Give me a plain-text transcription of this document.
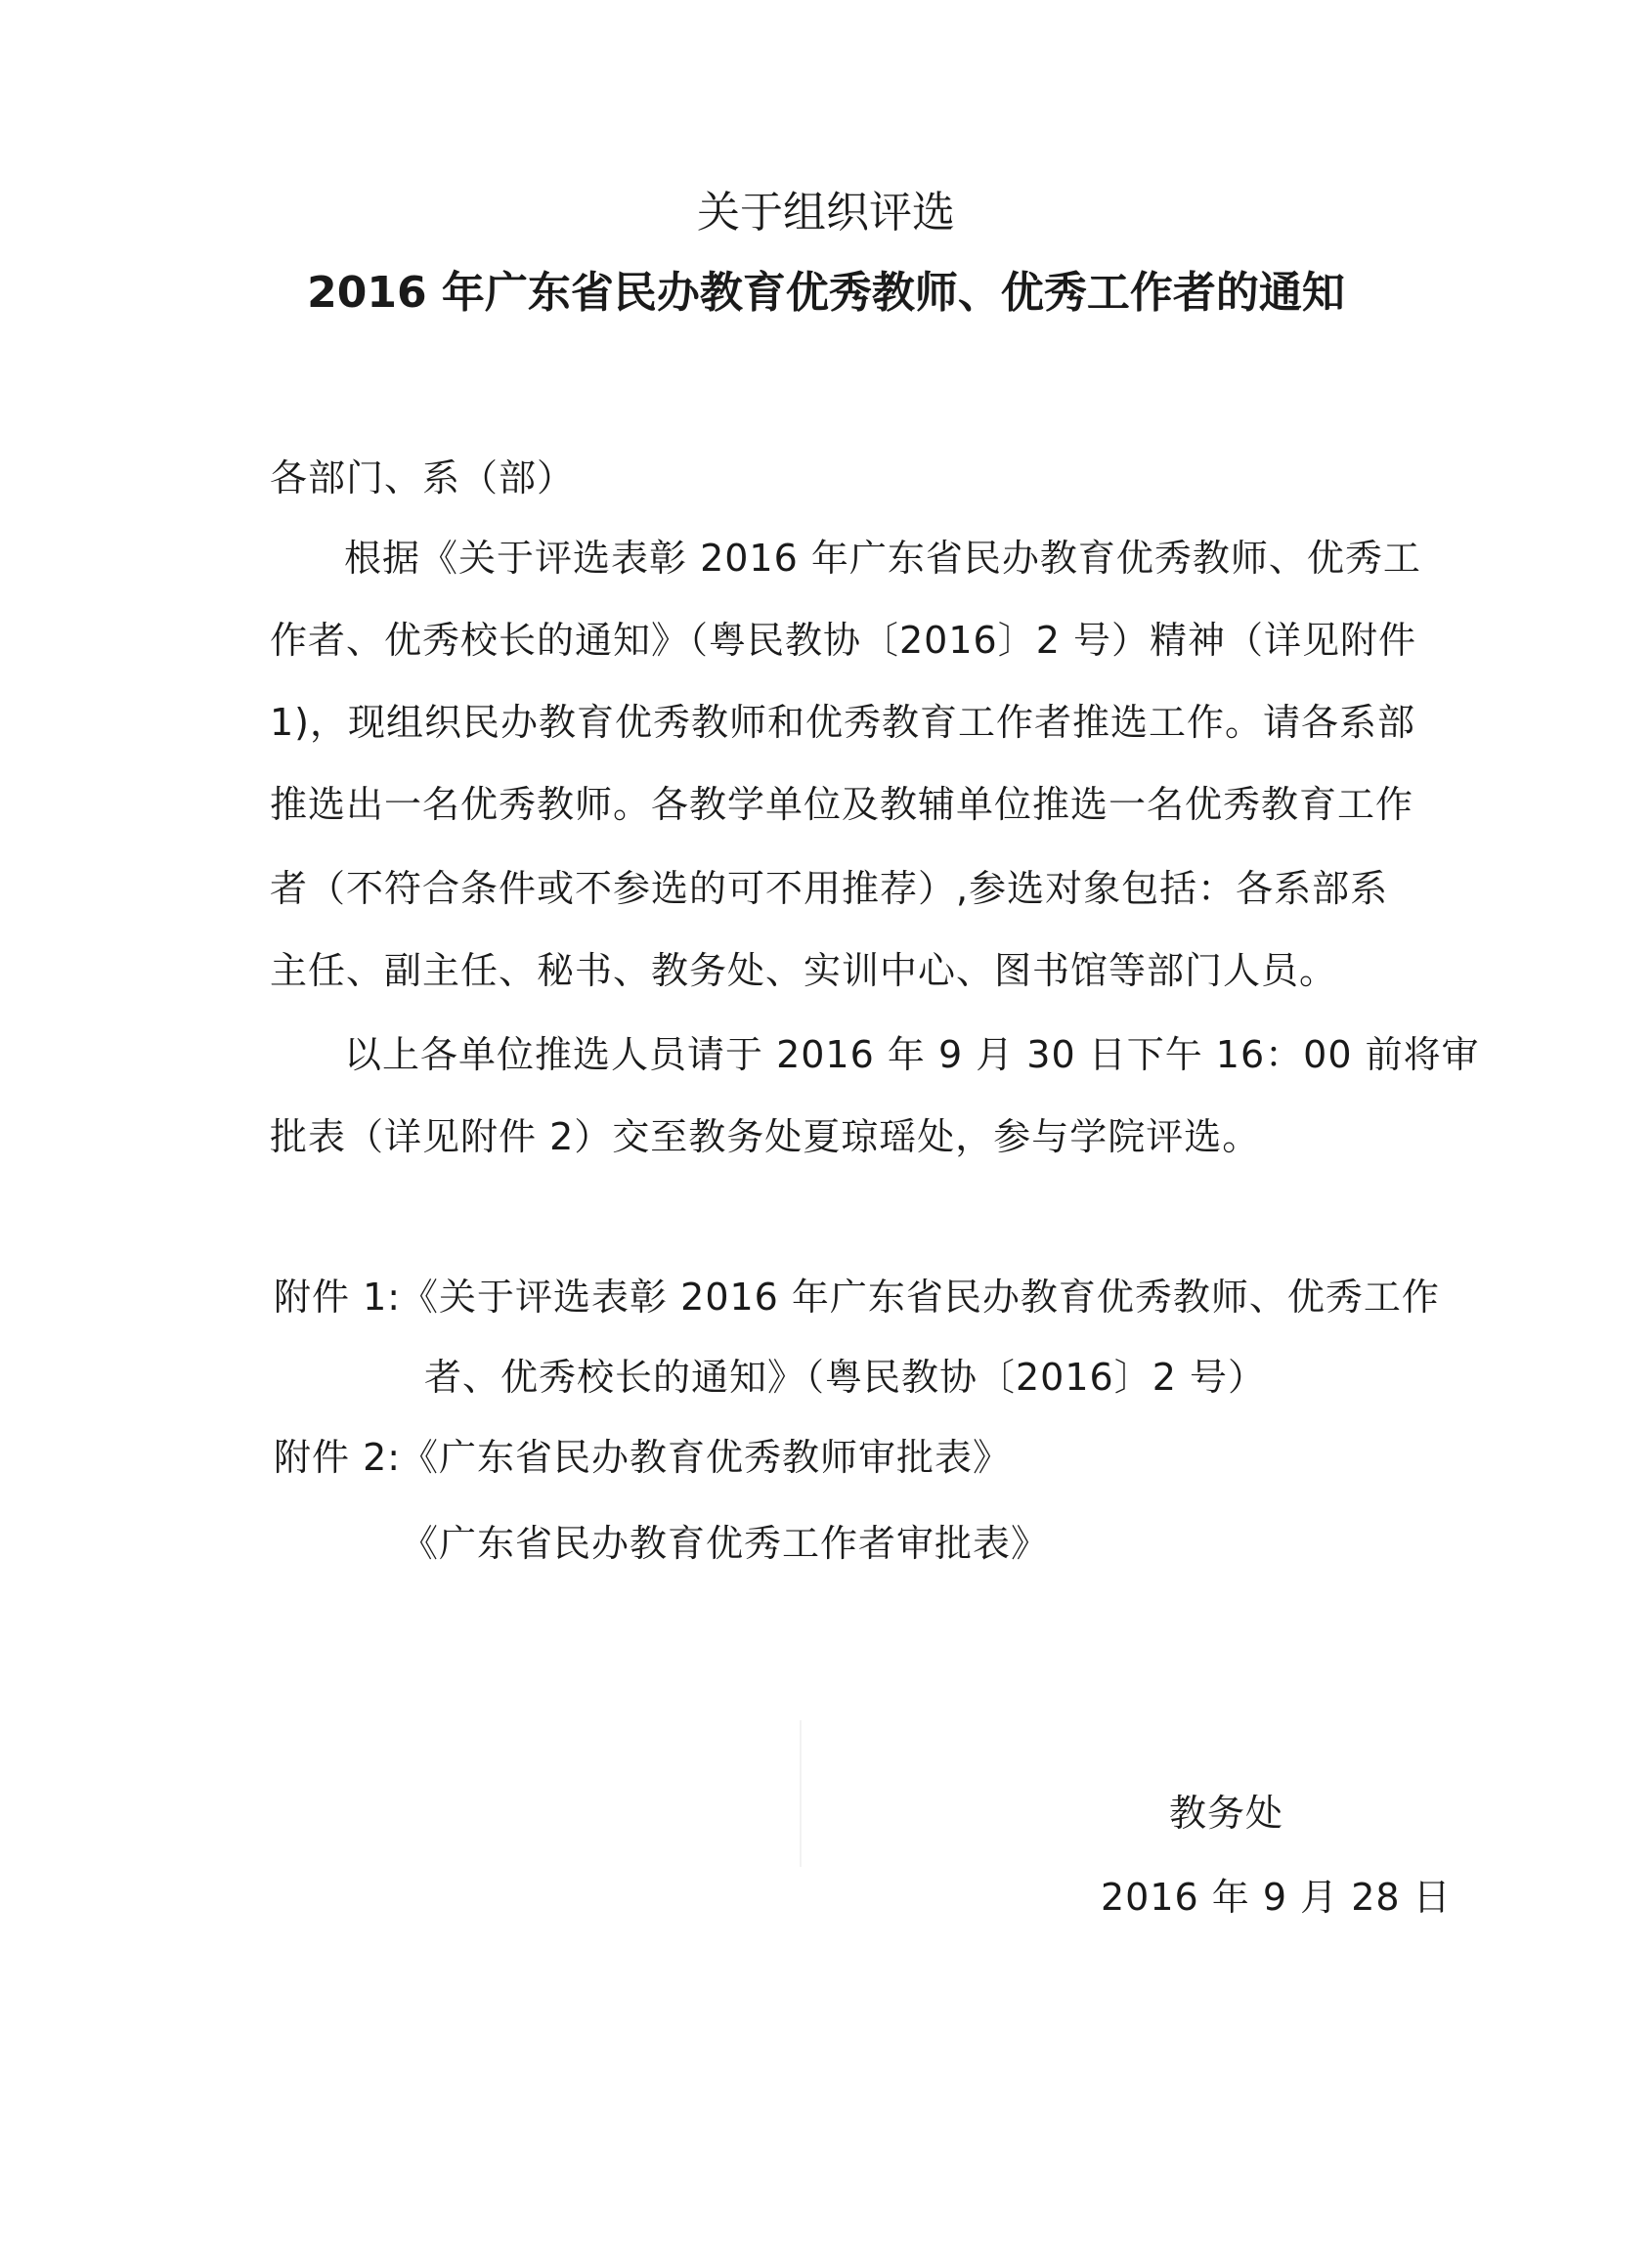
关于组织评选
2016 年广东省民办教育优秀教师、优秀工作者的通知
各部门、系（部）
根据《关于评选表彰 2016 年广东省民办教育优秀教师、优秀工
作者、优秀校长的通知》（粤民教协〔2016〕2 号）精神（详见附件
1)，现组织民办教育优秀教师和优秀教育工作者推选工作。请各系部
推选出一名优秀教师。各教学单位及教辅单位推选一名优秀教育工作
者（不符合条件或不参选的可不用推荐）,参选对象包括：各系部系
主任、副主任、秘书、教务处、实训中心、图书馆等部门人员。
以上各单位推选人员请于 2016 年 9 月 30 日下午 16：00 前将审
批表（详见附件 2）交至教务处夏琼瑶处，参与学院评选。
附件 1:《关于评选表彰 2016 年广东省民办教育优秀教师、优秀工作
者、优秀校长的通知》（粤民教协〔2016〕2 号）
附件 2:《广东省民办教育优秀教师审批表》
《广东省民办教育优秀工作者审批表》
教务处
2016 年 9 月 28 日
